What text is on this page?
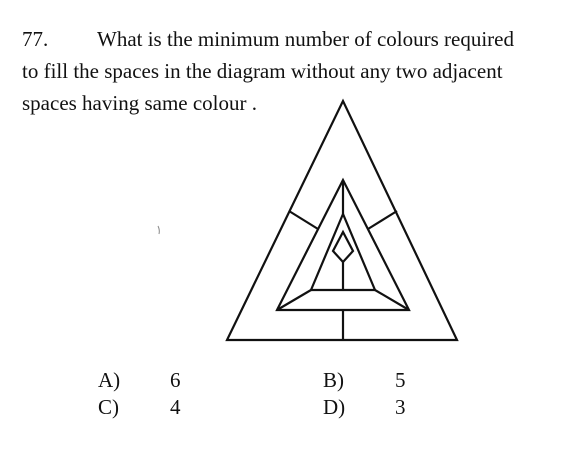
77. What is the minimum number of colours required
to fill the spaces in the diagram without any two adjacent
spaces having same colour .
A) 6	B) 5
C) 4	D) 3
